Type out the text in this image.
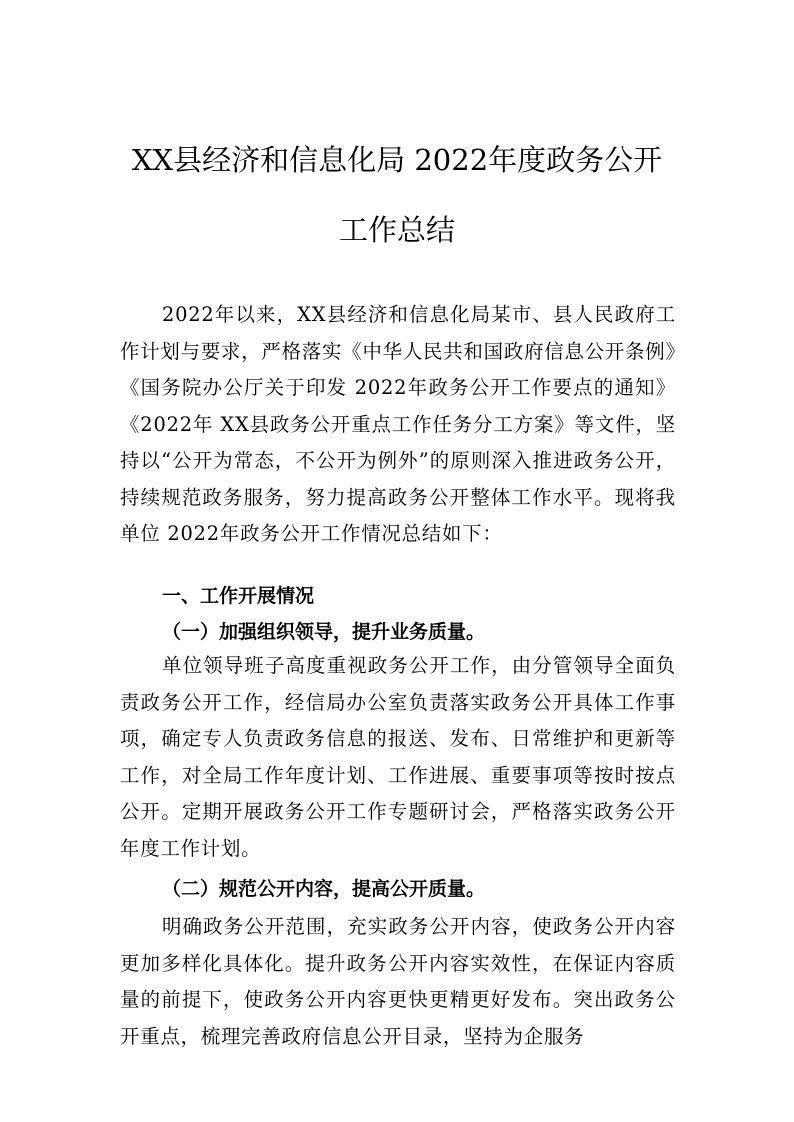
XX县经济和信息化局 2022年度政务公开
工作总结
2022年以来，XX县经济和信息化局某市、县人民政府工作计划与要求，严格落实《中华人民共和国政府信息公开条例》《国务院办公厅关于印发 2022年政务公开工作要点的通知》《2022年 XX县政务公开重点工作任务分工方案》等文件，坚持以“公开为常态，不公开为例外”的原则深入推进政务公开，持续规范政务服务，努力提高政务公开整体工作水平。现将我单位 2022年政务公开工作情况总结如下：
一、工作开展情况
（一）加强组织领导，提升业务质量。
单位领导班子高度重视政务公开工作，由分管领导全面负责政务公开工作，经信局办公室负责落实政务公开具体工作事项，确定专人负责政务信息的报送、发布、日常维护和更新等工作，对全局工作年度计划、工作进展、重要事项等按时按点公开。定期开展政务公开工作专题研讨会，严格落实政务公开年度工作计划。
（二）规范公开内容，提高公开质量。
明确政务公开范围，充实政务公开内容，使政务公开内容更加多样化具体化。提升政务公开内容实效性，在保证内容质量的前提下，使政务公开内容更快更精更好发布。突出政务公开重点，梳理完善政府信息公开目录，坚持为企服务
